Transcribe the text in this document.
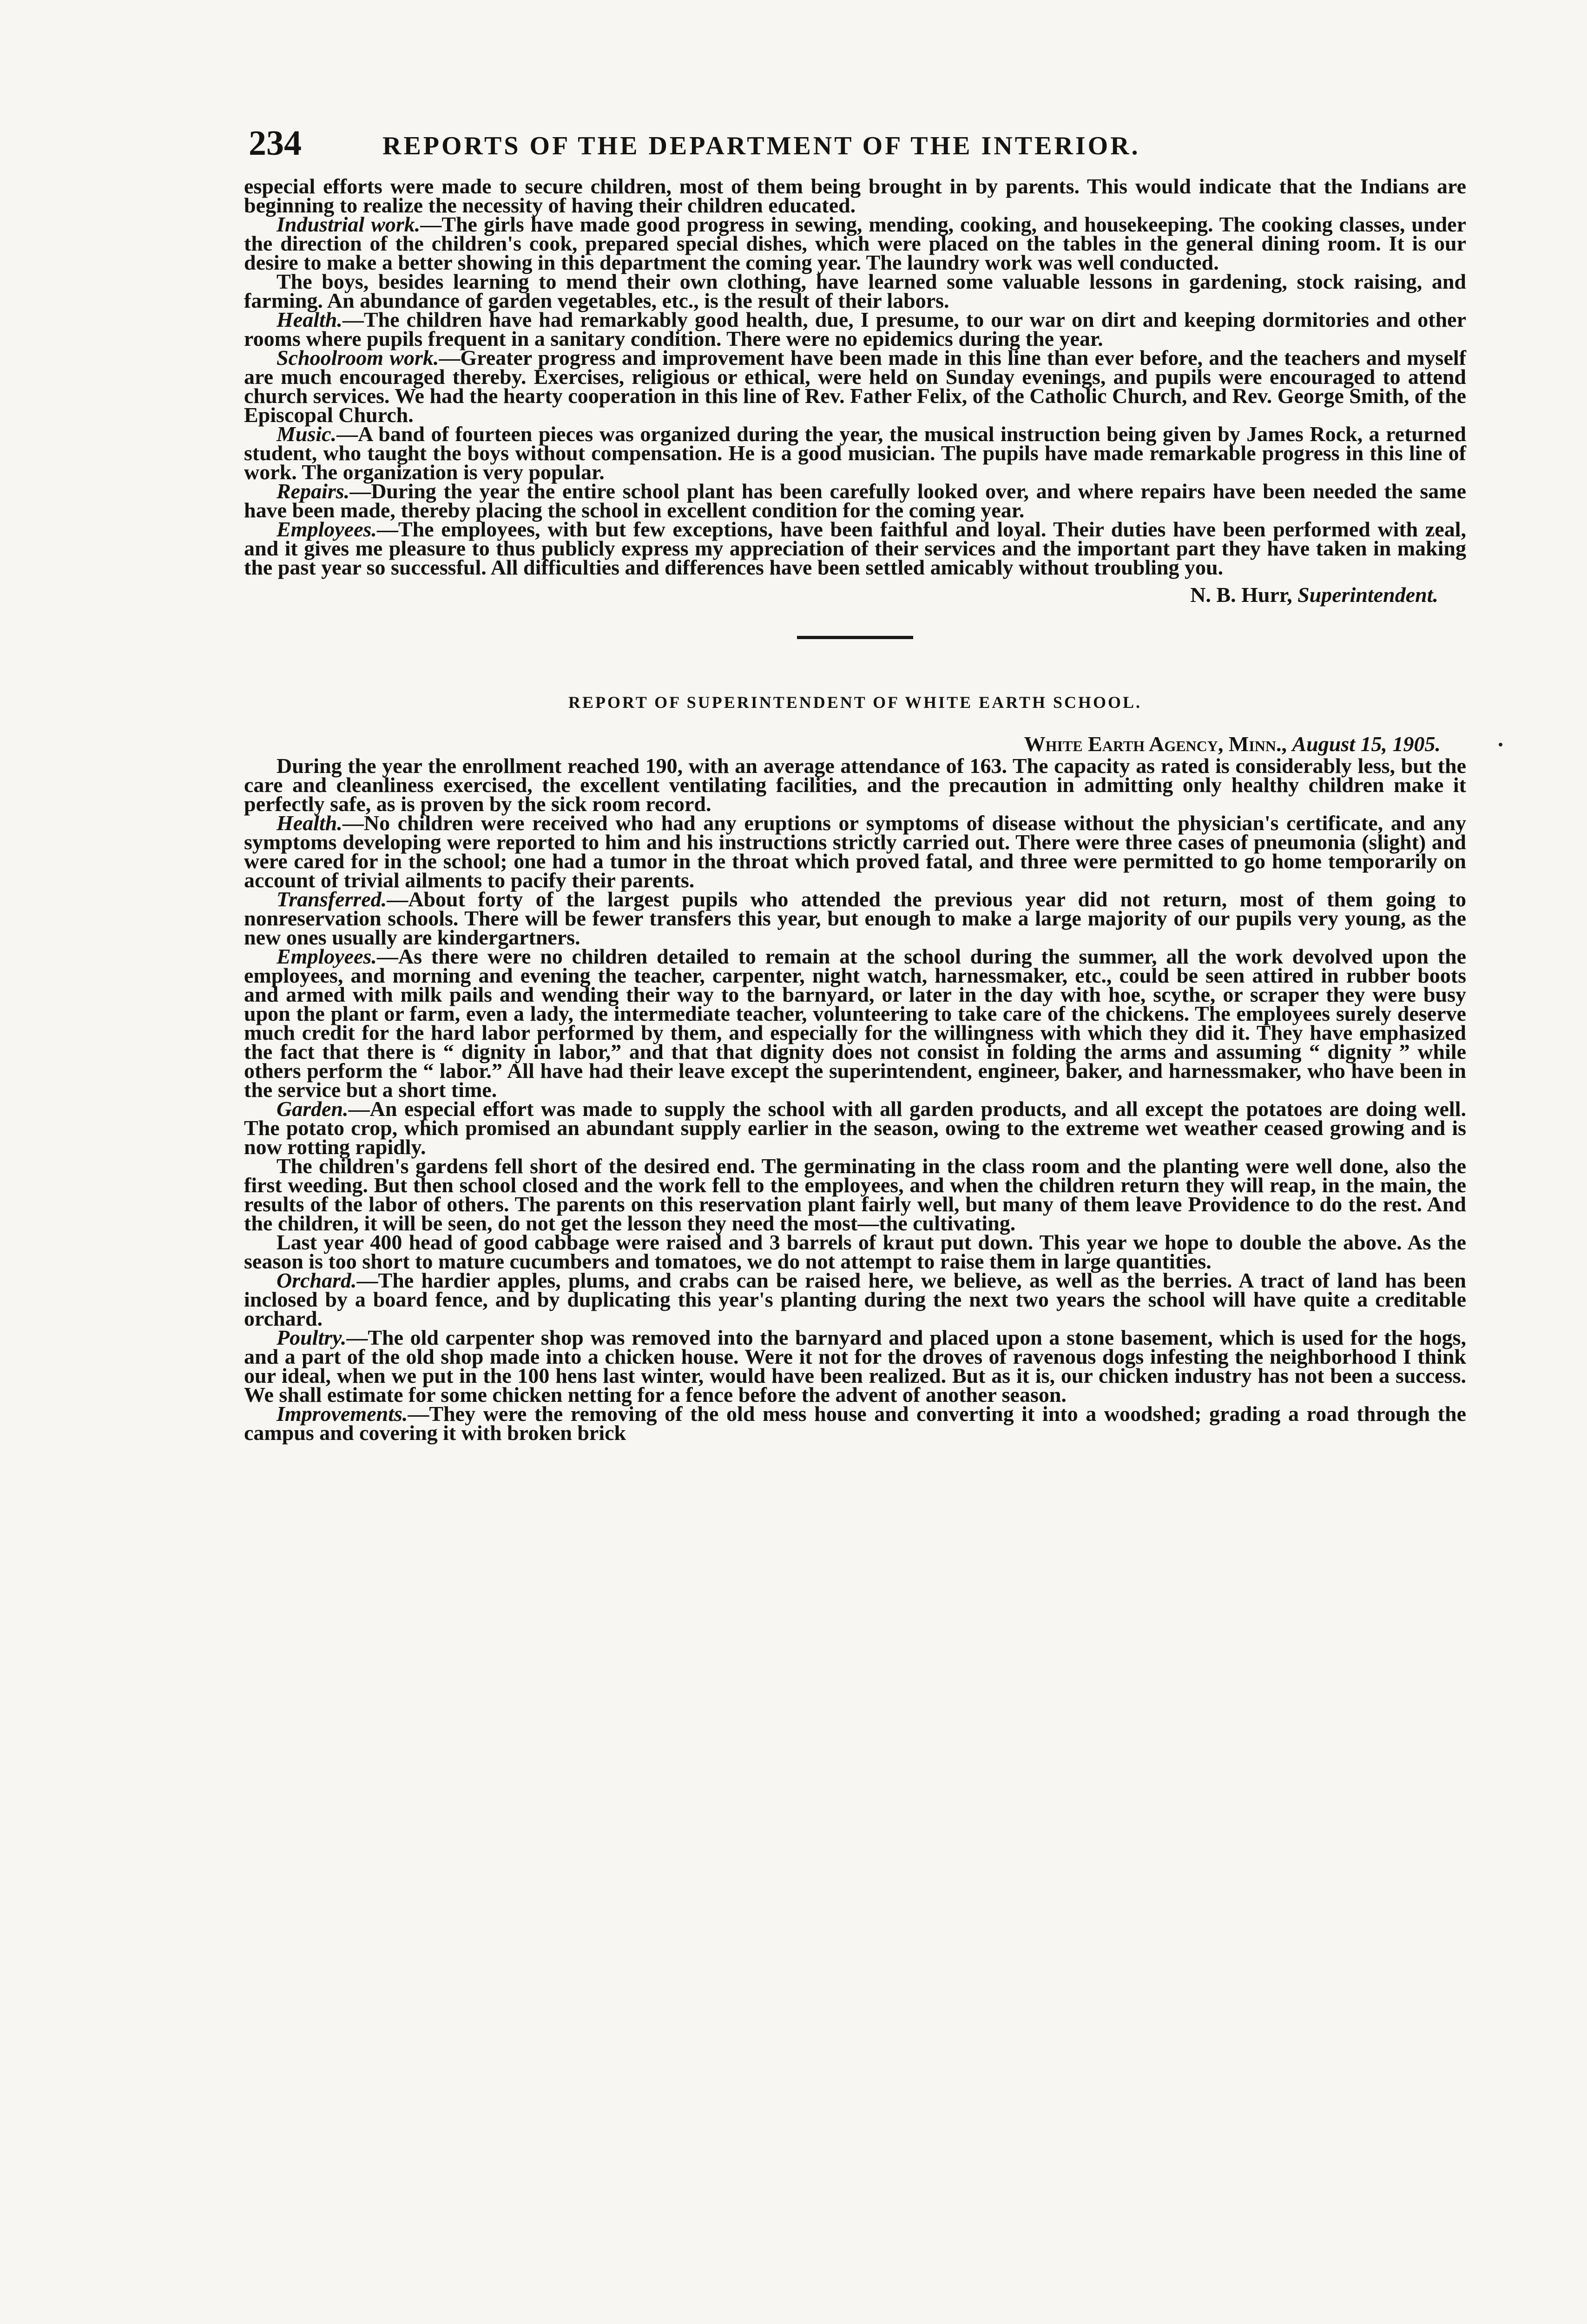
234	REPORTS OF THE DEPARTMENT OF THE INTERIOR.

especial efforts were made to secure children, most of them being brought in by parents. This would indicate that the Indians are beginning to realize the necessity of having their children educated.

Industrial work.—The girls have made good progress in sewing, mending, cooking, and housekeeping. The cooking classes, under the direction of the children's cook, prepared special dishes, which were placed on the tables in the general dining room. It is our desire to make a better showing in this department the coming year. The laundry work was well conducted.

The boys, besides learning to mend their own clothing, have learned some valuable lessons in gardening, stock raising, and farming. An abundance of garden vegetables, etc., is the result of their labors.

Health.—The children have had remarkably good health, due, I presume, to our war on dirt and keeping dormitories and other rooms where pupils frequent in a sanitary condition. There were no epidemics during the year.

Schoolroom work.—Greater progress and improvement have been made in this line than ever before, and the teachers and myself are much encouraged thereby. Exercises, religious or ethical, were held on Sunday evenings, and pupils were encouraged to attend church services. We had the hearty cooperation in this line of Rev. Father Felix, of the Catholic Church, and Rev. George Smith, of the Episcopal Church.

Music.—A band of fourteen pieces was organized during the year, the musical instruction being given by James Rock, a returned student, who taught the boys without compensation. He is a good musician. The pupils have made remarkable progress in this line of work. The organization is very popular.

Repairs.—During the year the entire school plant has been carefully looked over, and where repairs have been needed the same have been made, thereby placing the school in excellent condition for the coming year.

Employees.—The employees, with but few exceptions, have been faithful and loyal. Their duties have been performed with zeal, and it gives me pleasure to thus publicly express my appreciation of their services and the important part they have taken in making the past year so successful. All difficulties and differences have been settled amicably without troubling you.

N. B. Hurr, Superintendent.

REPORT OF SUPERINTENDENT OF WHITE EARTH SCHOOL.

White Earth Agency, Minn., August 15, 1905.

During the year the enrollment reached 190, with an average attendance of 163. The capacity as rated is considerably less, but the care and cleanliness exercised, the excellent ventilating facilities, and the precaution in admitting only healthy children make it perfectly safe, as is proven by the sick room record.

Health.—No children were received who had any eruptions or symptoms of disease without the physician's certificate, and any symptoms developing were reported to him and his instructions strictly carried out. There were three cases of pneumonia (slight) and were cared for in the school; one had a tumor in the throat which proved fatal, and three were permitted to go home temporarily on account of trivial ailments to pacify their parents.

Transferred.—About forty of the largest pupils who attended the previous year did not return, most of them going to nonreservation schools. There will be fewer transfers this year, but enough to make a large majority of our pupils very young, as the new ones usually are kindergartners.

Employees.—As there were no children detailed to remain at the school during the summer, all the work devolved upon the employees, and morning and evening the teacher, carpenter, night watch, harnessmaker, etc., could be seen attired in rubber boots and armed with milk pails and wending their way to the barnyard, or later in the day with hoe, scythe, or scraper they were busy upon the plant or farm, even a lady, the intermediate teacher, volunteering to take care of the chickens. The employees surely deserve much credit for the hard labor performed by them, and especially for the willingness with which they did it. They have emphasized the fact that there is “ dignity in labor,” and that that dignity does not consist in folding the arms and assuming “ dignity ” while others perform the “ labor.” All have had their leave except the superintendent, engineer, baker, and harnessmaker, who have been in the service but a short time.

Garden.—An especial effort was made to supply the school with all garden products, and all except the potatoes are doing well. The potato crop, which promised an abundant supply earlier in the season, owing to the extreme wet weather ceased growing and is now rotting rapidly.

The children's gardens fell short of the desired end. The germinating in the class room and the planting were well done, also the first weeding. But then school closed and the work fell to the employees, and when the children return they will reap, in the main, the results of the labor of others. The parents on this reservation plant fairly well, but many of them leave Providence to do the rest. And the children, it will be seen, do not get the lesson they need the most—the cultivating.

Last year 400 head of good cabbage were raised and 3 barrels of kraut put down. This year we hope to double the above. As the season is too short to mature cucumbers and tomatoes, we do not attempt to raise them in large quantities.

Orchard.—The hardier apples, plums, and crabs can be raised here, we believe, as well as the berries. A tract of land has been inclosed by a board fence, and by duplicating this year's planting during the next two years the school will have quite a creditable orchard.

Poultry.—The old carpenter shop was removed into the barnyard and placed upon a stone basement, which is used for the hogs, and a part of the old shop made into a chicken house. Were it not for the droves of ravenous dogs infesting the neighborhood I think our ideal, when we put in the 100 hens last winter, would have been realized. But as it is, our chicken industry has not been a success. We shall estimate for some chicken netting for a fence before the advent of another season.

Improvements.—They were the removing of the old mess house and converting it into a woodshed; grading a road through the campus and covering it with broken brick
